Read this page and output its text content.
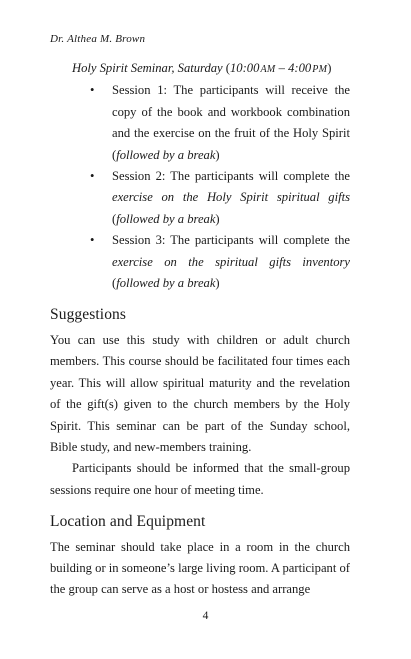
Dr. Althea M. Brown
Holy Spirit Seminar, Saturday (10:00 AM – 4:00 PM)
• Session 1: The participants will receive the copy of the book and workbook combination and the exercise on the fruit of the Holy Spirit (followed by a break)
• Session 2: The participants will complete the exercise on the Holy Spirit spiritual gifts (followed by a break)
• Session 3: The participants will complete the exercise on the spiritual gifts inventory (followed by a break)
Suggestions

You can use this study with children or adult church members. This course should be facilitated four times each year. This will allow spiritual maturity and the revelation of the gift(s) given to the church members by the Holy Spirit. This seminar can be part of the Sunday school, Bible study, and new-members training.

Participants should be informed that the small-group sessions require one hour of meeting time.

Location and Equipment

The seminar should take place in a room in the church building or in someone’s large living room. A participant of the group can serve as a host or hostess and arrange

4
